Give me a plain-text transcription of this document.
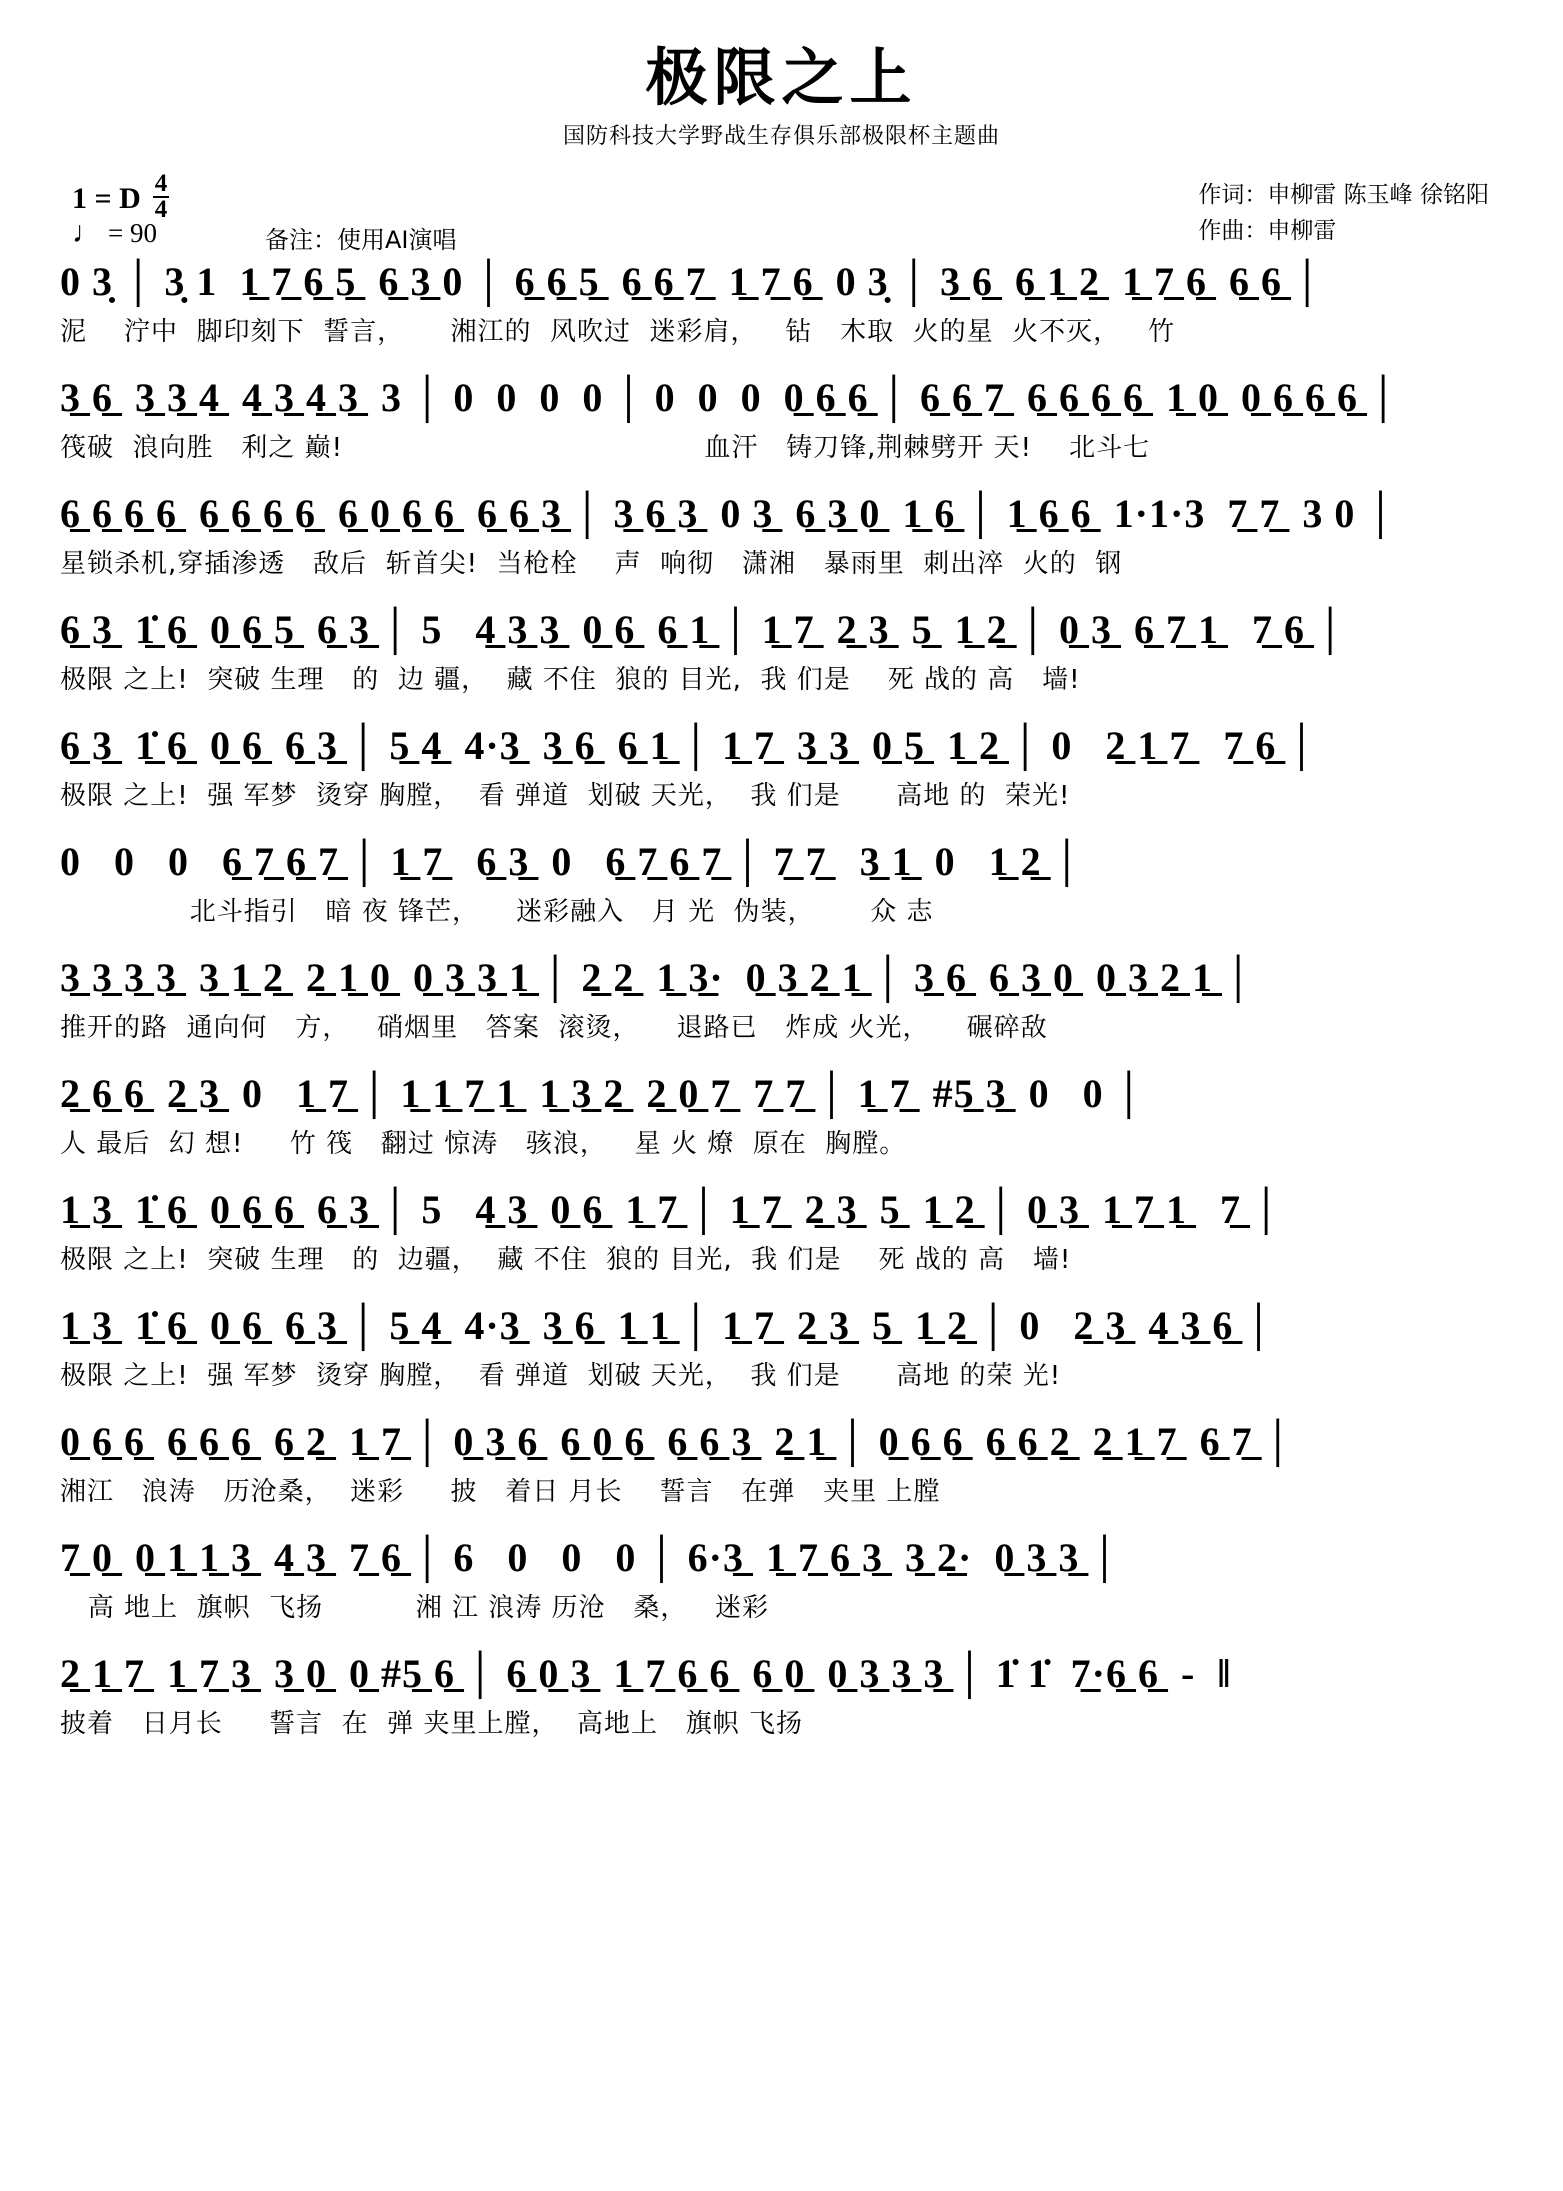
极限之上
国防科技大学野战生存俱乐部极限杯主题曲
1 = D $\frac{4}{4}$
♩ = 90	备注：使用AI演唱
作词：申柳雷 陈玉峰 徐铭阳
作曲：申柳雷
0 3̣ │ 3̣ 1  1̲ 7̲ 6̲ 5̲  6̲ 3̲ 0 │ 6̲ 6̲ 5̲  6̲ 6̲ 7̲  1̲ 7̲ 6̲  0 3̣ │ 3̲ 6̲  6̲ 1̲ 2̲  1̲ 7̲ 6̲  6̲ 6̲ │
泥    泞中  脚印刻下  誓言，     湘江的  风吹过  迷彩肩，   钻   木取  火的星  火不灭，   竹
3̲ 6̲  3̲ 3̲ 4̲  4̲ 3̲ 4̲ 3̲  3 │ 0  0  0  0 │ 0  0  0  0̲ 6̲ 6̲ │ 6̲ 6̲ 7̲  6̲ 6̲ 6̲ 6̲  1̲ 0̲  0̲ 6̲ 6̲ 6̲ │
筏破  浪向胜   利之 巅!                                       血汗   铸刀锋,荆棘劈开 天!    北斗七
6̲ 6̲ 6̲ 6̲  6̲ 6̲ 6̲ 6̲  6̲ 0̲ 6̲ 6̲  6̲ 6̲ 3̲ │ 3̲ 6̲ 3̲  0 3̲  6̲ 3̲ 0̲  1̲ 6̲ │ 1̲ 6̲ 6̲  1·1·3  7̲ 7̲  3 0 │
星锁杀机,穿插渗透   敌后  斩首尖!  当枪栓    声  响彻   潇湘   暴雨里  刺出淬  火的  钢
6̲ 3̲  1̲̇ 6̲  0̲ 6̲ 5̲  6̲ 3̲ │ 5   4̲ 3̲ 3̲  0̲ 6̲  6̲ 1̲ │ 1̲ 7̲  2̲ 3̲  5̲  1̲ 2̲ │ 0̲ 3̲  6̲ 7̲ 1̲   7̲ 6̲ │
极限 之上!  突破 生理   的  边 疆，  藏 不住  狼的 目光,  我 们是    死 战的 高   墙!
6̲ 3̲  1̲̇ 6̲  0̲ 6̲  6̲ 3̲ │ 5̲ 4̲  4·3̲  3̲ 6̲  6̲ 1̲ │ 1̲ 7̲  3̲ 3̲  0̲ 5̲  1̲ 2̲ │ 0   2̲ 1̲ 7̲   7̲ 6̲ │
极限 之上!  强 军梦  烫穿 胸膛，  看 弹道  划破 天光，  我 们是      高地 的  荣光!
0   0   0   6̲ 7̲ 6̲ 7̲ │ 1̲ 7̲   6̲ 3̲  0   6̲ 7̲ 6̲ 7̲ │ 7̲ 7̲   3̲ 1̲  0   1̲ 2̲ │
北斗指引   暗 夜 锋芒，    迷彩融入   月 光  伪装，      众 志
3̲ 3̲ 3̲ 3̲  3̲ 1̲ 2̲  2̲ 1̲ 0̲  0̲ 3̲ 3̲ 1̲ │ 2̲ 2̲  1̲ 3̲·  0̲ 3̲ 2̲ 1̲ │ 3̲ 6̲  6̲ 3̲ 0̲  0̲ 3̲ 2̲ 1̲ │
推开的路  通向何   方，   硝烟里   答案  滚烫，    退路已   炸成 火光，    碾碎敌
2̲ 6̲ 6̲  2̲ 3̲  0   1̲ 7̲ │ 1̲ 1̲ 7̲ 1̲  1̲ 3̲ 2̲  2̲ 0̲ 7̲  7̲ 7̲ │ 1̲ 7̲  #5̲ 3̲  0   0 │
人 最后  幻 想!     竹 筏   翻过 惊涛   骇浪，   星 火 燎  原在  胸膛。
1̲ 3̲  1̲̇ 6̲  0̲ 6̲ 6̲  6̲ 3̲ │ 5   4̲ 3̲  0̲ 6̲  1̲ 7̲ │ 1̲ 7̲  2̲ 3̲  5̲  1̲ 2̲ │ 0̲ 3̲  1̲ 7̲ 1̲   7̲ │
极限 之上!  突破 生理   的  边疆，  藏 不住  狼的 目光,  我 们是    死 战的 高   墙!
1̲ 3̲  1̲̇ 6̲  0̲ 6̲  6̲ 3̲ │ 5̲ 4̲  4·3̲  3̲ 6̲  1̲ 1̲ │ 1̲ 7̲  2̲ 3̲  5̲  1̲ 2̲ │ 0   2̲ 3̲  4̲ 3̲ 6̲ │
极限 之上!  强 军梦  烫穿 胸膛，  看 弹道  划破 天光，  我 们是      高地 的荣 光!
0̲ 6̲ 6̲  6̲ 6̲ 6̲  6̲ 2̲  1̲ 7̲ │ 0̲ 3̲ 6̲  6̲ 0̲ 6̲  6̲ 6̲ 3̲  2̲ 1̲ │ 0̲ 6̲ 6̲  6̲ 6̲ 2̲  2̲ 1̲ 7̲  6̲ 7̲ │
湘江   浪涛   历沧桑，  迷彩     披   着日 月长    誓言   在弹   夹里 上膛
7̲ 0̲  0̲ 1̲ 1̲ 3̲  4̲ 3̲  7̲ 6̲ │ 6   0   0   0 │ 6·3̲  1̲ 7̲ 6̲ 3̲  3̲ 2̲·  0̲ 3̲ 3̲ │
高 地上  旗帜  飞扬          湘 江 浪涛 历沧   桑，   迷彩
2̲ 1̲ 7̲  1̲ 7̲ 3̲  3̲ 0̲  0̲ #5̲ 6̲ │ 6̲ 0̲ 3̲  1̲ 7̲ 6̲ 6̲  6̲ 0̲  0̲ 3̲ 3̲ 3̲ │ 1̇ 1̇  7̲·6̲ 6̲  -  ‖
披着   日月长     誓言  在  弹 夹里上膛，  高地上   旗帜 飞扬
